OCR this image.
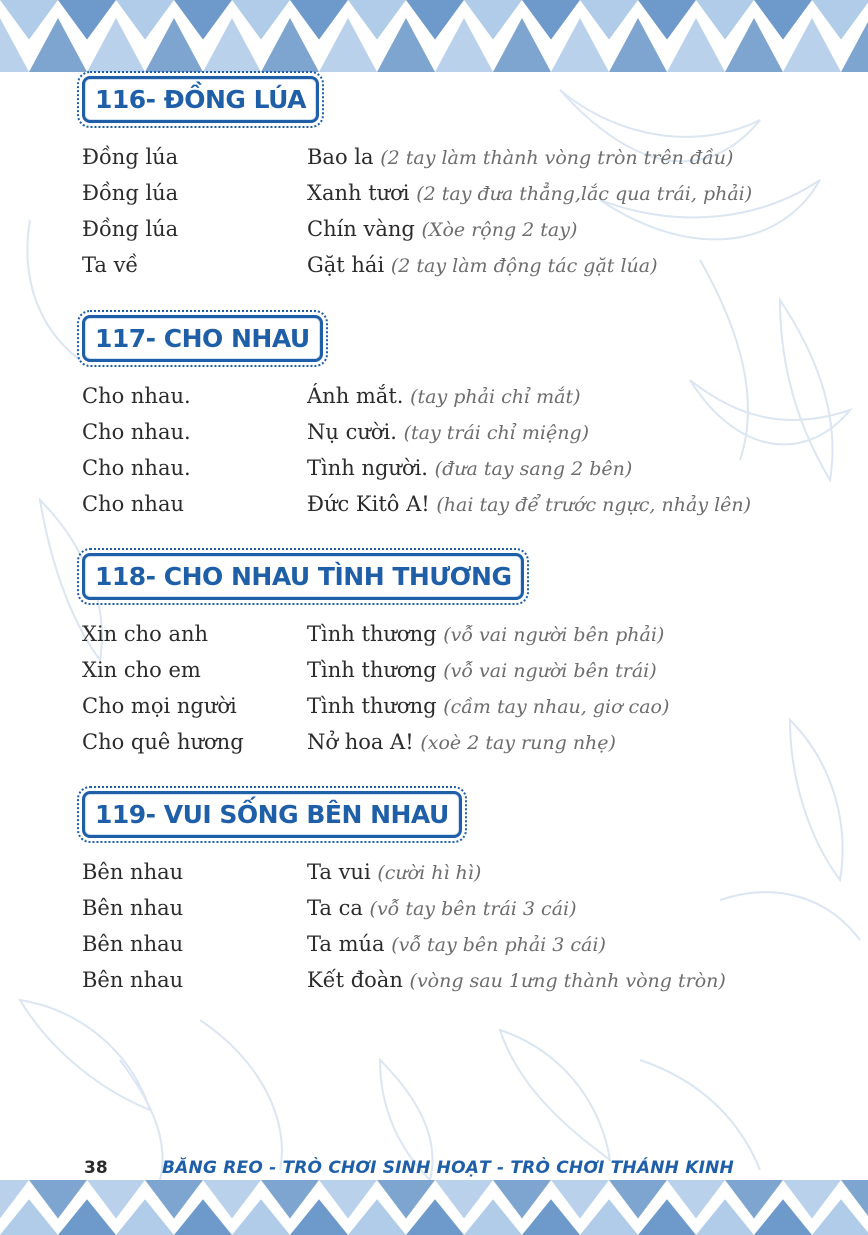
116- ĐỒNG LÚA
Đồng lúa	Bao la (2 tay làm thành vòng tròn trên đầu)
Đồng lúa	Xanh tươi (2 tay đưa thẳng,lắc qua trái, phải)
Đồng lúa	Chín vàng (Xòe rộng 2 tay)
Ta về	Gặt hái (2 tay làm động tác gặt lúa)
117- CHO NHAU
Cho nhau.	Ánh mắt. (tay phải chỉ mắt)
Cho nhau.	Nụ cười. (tay trái chỉ miệng)
Cho nhau.	Tình người. (đưa tay sang 2 bên)
Cho nhau	Đức Kitô A! (hai tay để trước ngực, nhảy lên)
118- CHO NHAU TÌNH THƯƠNG
Xin cho anh	Tình thương (vỗ vai người bên phải)
Xin cho em	Tình thương (vỗ vai người bên trái)
Cho mọi người	Tình thương (cầm tay nhau, giơ cao)
Cho quê hương	Nở hoa A! (xoè 2 tay rung nhẹ)
119- VUI SỐNG BÊN NHAU
Bên nhau	Ta vui (cười hì hì)
Bên nhau	Ta ca (vỗ tay bên trái 3 cái)
Bên nhau	Ta múa (vỗ tay bên phải 3 cái)
Bên nhau	Kết đoàn (vòng sau 1ưng thành vòng tròn)
38	BĂNG REO - TRÒ CHƠI SINH HOẠT - TRÒ CHƠI THÁNH KINH
